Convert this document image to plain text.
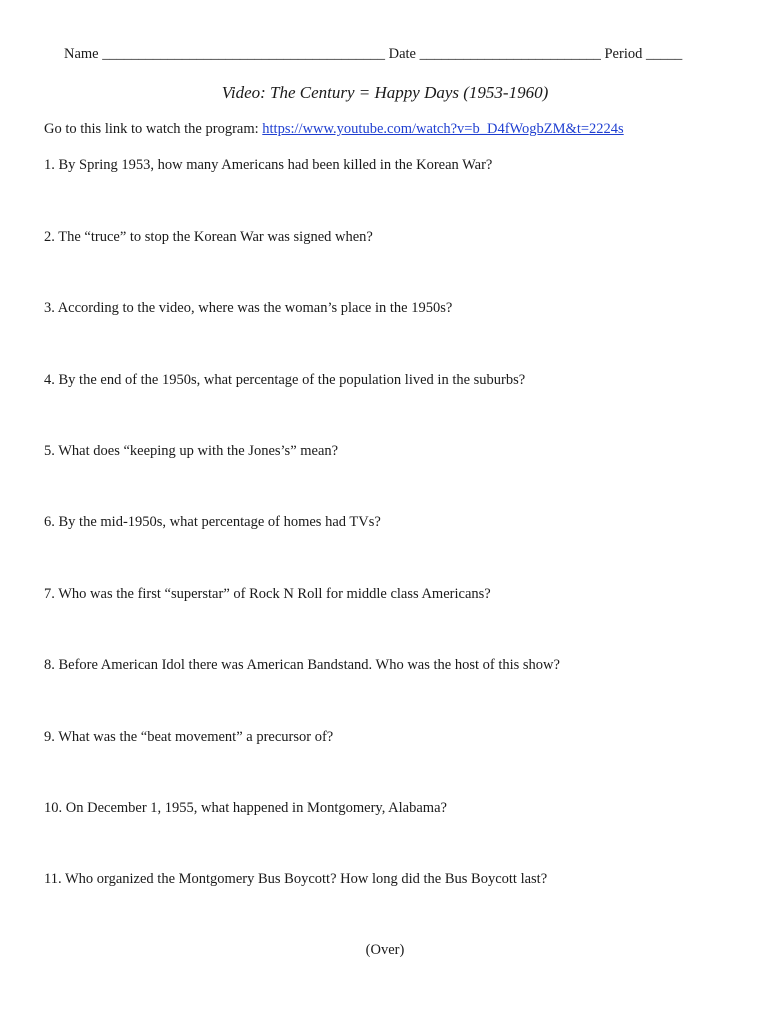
Name _______________________________________ Date _________________________ Period _____
Video: The Century = Happy Days (1953-1960)
Go to this link to watch the program: https://www.youtube.com/watch?v=b_D4fWogbZM&t=2224s
1. By Spring 1953, how many Americans had been killed in the Korean War?
2. The “truce” to stop the Korean War was signed when?
3. According to the video, where was the woman’s place in the 1950s?
4. By the end of the 1950s, what percentage of the population lived in the suburbs?
5. What does “keeping up with the Jones’s” mean?
6. By the mid-1950s, what percentage of homes had TVs?
7. Who was the first “superstar” of Rock N Roll for middle class Americans?
8. Before American Idol there was American Bandstand. Who was the host of this show?
9. What was the “beat movement” a precursor of?
10. On December 1, 1955, what happened in Montgomery, Alabama?
11. Who organized the Montgomery Bus Boycott? How long did the Bus Boycott last?
(Over)
